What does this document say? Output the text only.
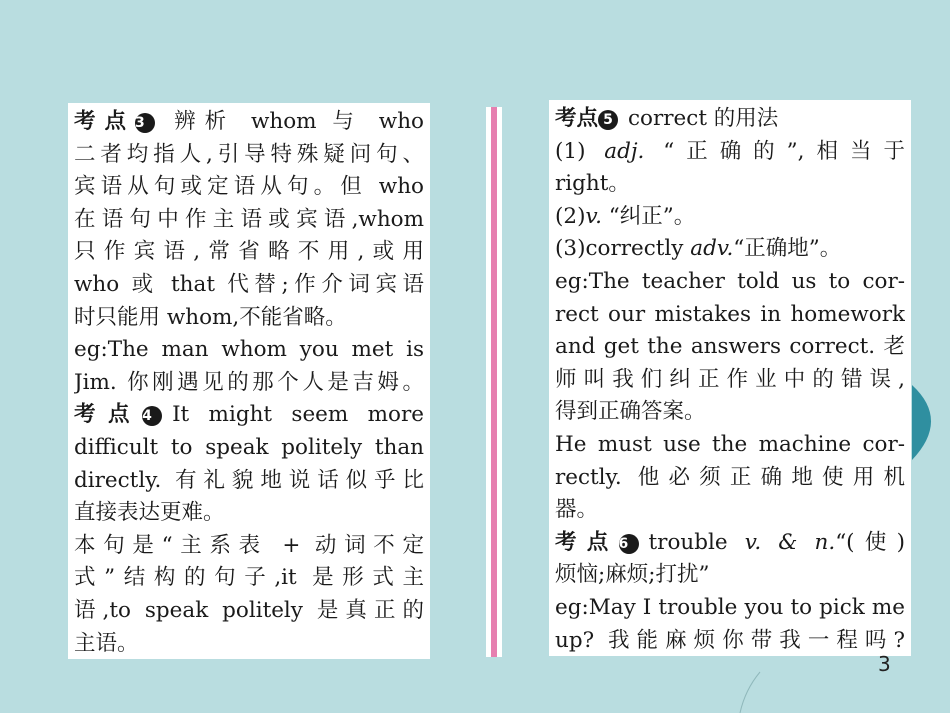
考点3 辨析 whom 与 who
二者均指人,引导特殊疑问句、
宾语从句或定语从句。但 who
在语句中作主语或宾语,whom
只作宾语,常省略不用,或用
who 或 that 代替;作介词宾语
时只能用 whom,不能省略。
eg:The man whom you met is
Jim. 你刚遇见的那个人是吉姆。
考点4 It might seem more
difficult to speak politely than
directly. 有礼貌地说话似乎比
直接表达更难。
本句是“主系表 + 动词不定
式”结构的句子,it 是形式主
语,to speak politely 是真正的
主语。
考点 5 correct 的用法
(1) adj. “正确的”,相当于
right。
(2)v. “纠正”。
(3)correctly adv.“正确地”。
eg:The teacher told us to cor-
rect our mistakes in homework
and get the answers correct. 老
师叫我们纠正作业中的错误,
得到正确答案。
He must use the machine cor-
rectly. 他必须正确地使用机
器。
考点6 trouble v. & n.“(使)
烦恼;麻烦;打扰”
eg:May I trouble you to pick me
up? 我能麻烦你带我一程吗?
3
